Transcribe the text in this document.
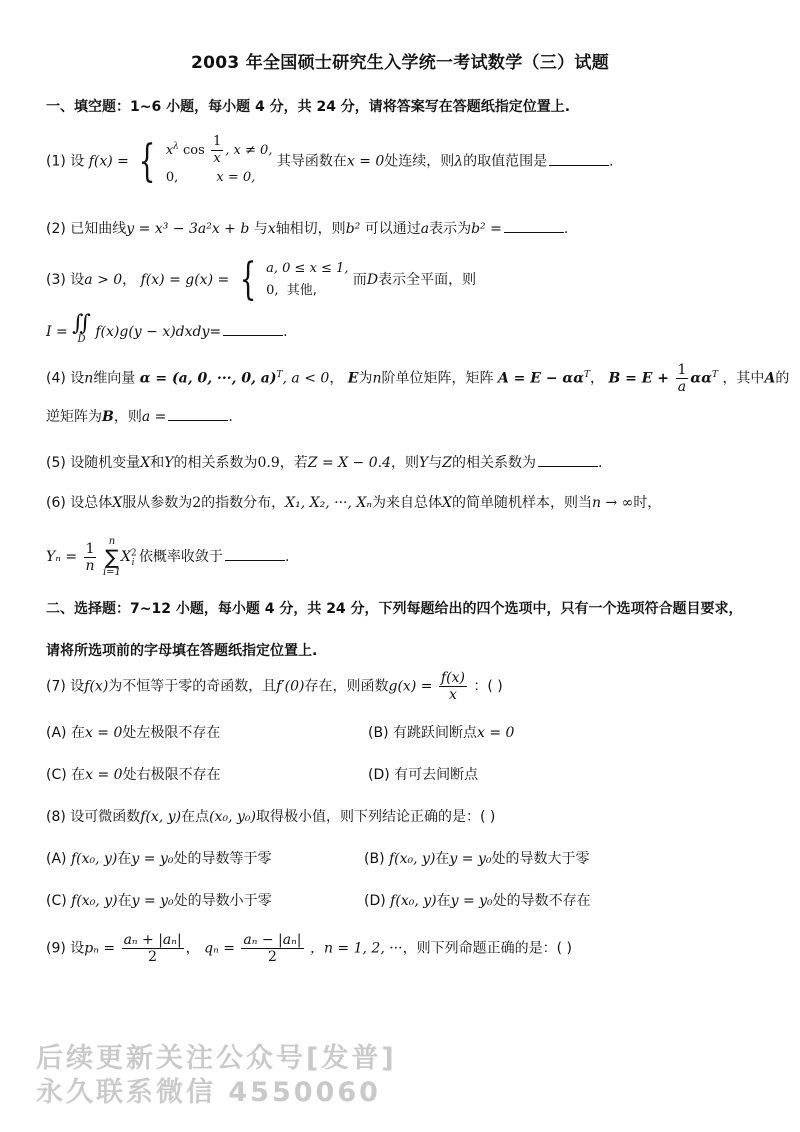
2003 年全国硕士研究生入学统一考试数学（三）试题
一、填空题：1~6 小题，每小题 4 分，共 24 分，请将答案写在答题纸指定位置上.
(1) 设 f(x) = { $x^\lambda$ $\cos \frac{1}{x}$ , x ≠ 0,
0,	x = 0,
其导函数在x = 0处连续，则λ的取值范围是	.
(2) 已知曲线y = x³ − 3a²x + b 与x轴相切，则b² 可以通过a表示为b² =	.
(3) 设a > 0， f(x) = g(x) = { a, 0 ≤ x ≤ 1,
0, 其他,
而D表示全平面，则
I = ∬
D f(x)g(y − x)dxdy=	.
(4) 设n维向量 α = (a, 0, ···, 0, a)$^T$, a < 0， E为n阶单位矩阵，矩阵 $A = E - \alpha\alpha^T$， $B = E + \frac{1}{a} \alpha\alpha^T$ ，其中A的
逆矩阵为B，则a =	.
(5) 设随机变量X和Y的相关系数为0.9，若Z = X − 0.4，则Y与Z的相关系数为	.
(6) 设总体X服从参数为2的指数分布，X₁, X₂, ···, Xₙ为来自总体X的简单随机样本，则当n → ∞时，
$Y_n = \frac{1}{n}$ n
∑
$i=1X^2_i$ 依概率收敛于	.
二、选择题：7~12 小题，每小题 4 分，共 24 分，下列每题给出的四个选项中，只有一个选项符合题目要求，
请将所选项前的字母填在答题纸指定位置上.
(7) 设f(x)为不恒等于零的奇函数，且f′(0)存在，则函数$g(x) = \frac{f(x)}{x}$ ：( )
(A) 在x = 0处左极限不存在	(B) 有跳跃间断点x = 0
(C) 在x = 0处右极限不存在	(D) 有可去间断点
(8) 设可微函数f(x, y)在点(x₀, y₀)取得极小值，则下列结论正确的是：( )
(A) f(x₀, y)在y = y₀处的导数等于零	(B) f(x₀, y)在y = y₀处的导数大于零
(C) f(x₀, y)在y = y₀处的导数小于零	(D) f(x₀, y)在y = y₀处的导数不存在
(9) 设$p_n = \frac{\text{aₙ + |aₙ|}}{2}$ ， $q_n = \frac{\text{aₙ − |aₙ|}}{2}$ ，n = 1, 2, ···，则下列命题正确的是：( )
后续更新关注公众号[发普]
永久联系微信 4550060
